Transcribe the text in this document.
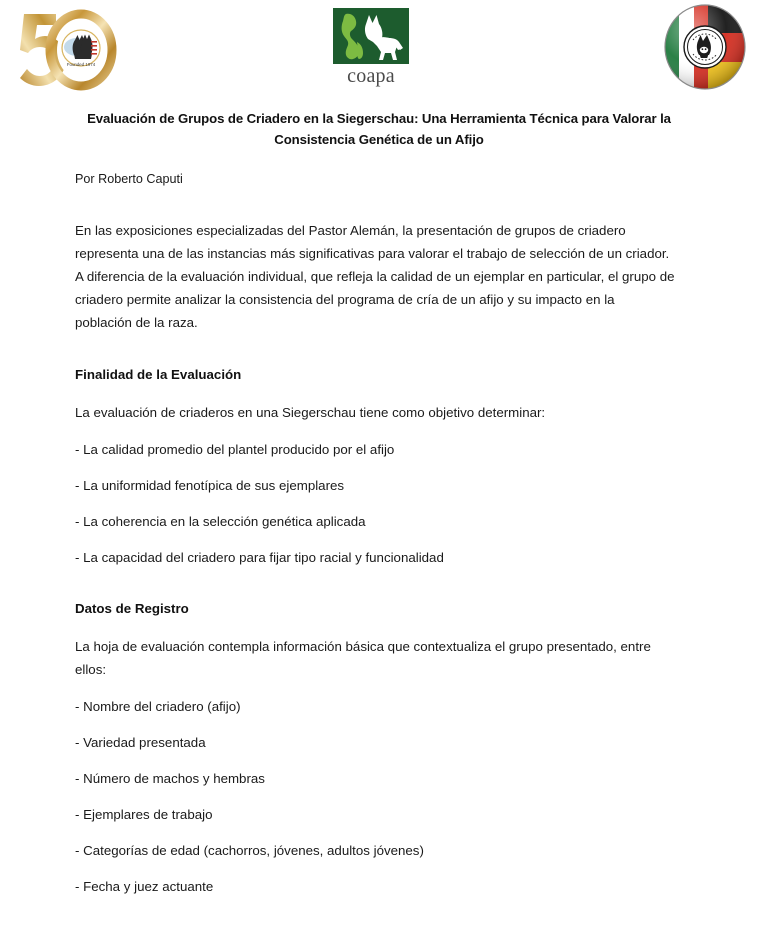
Founded 1974
coapa
Evaluación de Grupos de Criadero en la Siegerschau: Una Herramienta Técnica para Valorar la Consistencia Genética de un Afijo
Por Roberto Caputi

En las exposiciones especializadas del Pastor Alemán, la presentación de grupos de criadero representa una de las instancias más significativas para valorar el trabajo de selección de un criador. A diferencia de la evaluación individual, que refleja la calidad de un ejemplar en particular, el grupo de criadero permite analizar la consistencia del programa de cría de un afijo y su impacto en la población de la raza.

Finalidad de la Evaluación

La evaluación de criaderos en una Siegerschau tiene como objetivo determinar:

- La calidad promedio del plantel producido por el afijo
- La uniformidad fenotípica de sus ejemplares
- La coherencia en la selección genética aplicada
- La capacidad del criadero para fijar tipo racial y funcionalidad
Datos de Registro

La hoja de evaluación contempla información básica que contextualiza el grupo presentado, entre ellos:

- Nombre del criadero (afijo)
- Variedad presentada
- Número de machos y hembras
- Ejemplares de trabajo
- Categorías de edad (cachorros, jóvenes, adultos jóvenes)
- Fecha y juez actuante
